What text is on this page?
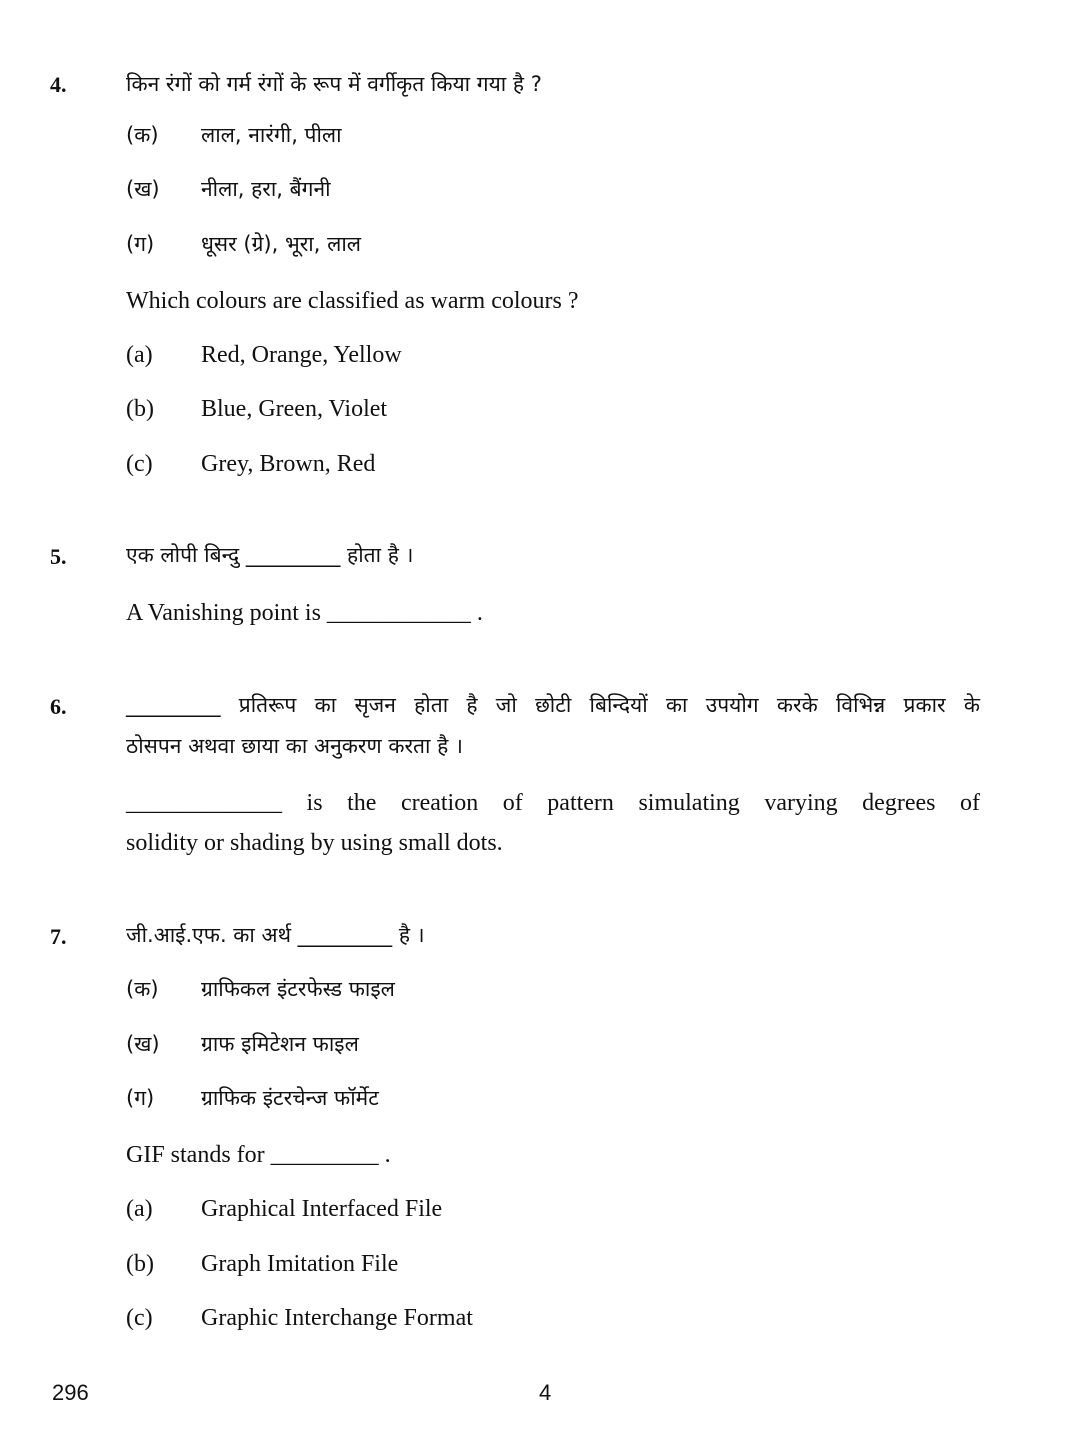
4.	किन रंगों को गर्म रंगों के रूप में वर्गीकृत किया गया है ?
(क) लाल, नारंगी, पीला
(ख) नीला, हरा, बैंगनी
(ग) धूसर (ग्रे), भूरा, लाल
Which colours are classified as warm colours ?
(a) Red, Orange, Yellow
(b) Blue, Green, Violet
(c) Grey, Brown, Red
5.	एक लोपी बिन्दु _________ होता है ।
A Vanishing point is ____________ .
6.	_________ प्रतिरूप का सृजन होता है जो छोटी बिन्दियों का उपयोग करके विभिन्न प्रकार के
ठोसपन अथवा छाया का अनुकरण करता है ।
_____________ is the creation of pattern simulating varying degrees of
solidity or shading by using small dots.
7.	जी.आई.एफ. का अर्थ _________ है ।
(क) ग्राफिकल इंटरफेस्ड फाइल
(ख) ग्राफ इमिटेशन फाइल
(ग) ग्राफिक इंटरचेन्ज फॉर्मेट
GIF stands for _________ .
(a) Graphical Interfaced File
(b) Graph Imitation File
(c) Graphic Interchange Format
296	4
